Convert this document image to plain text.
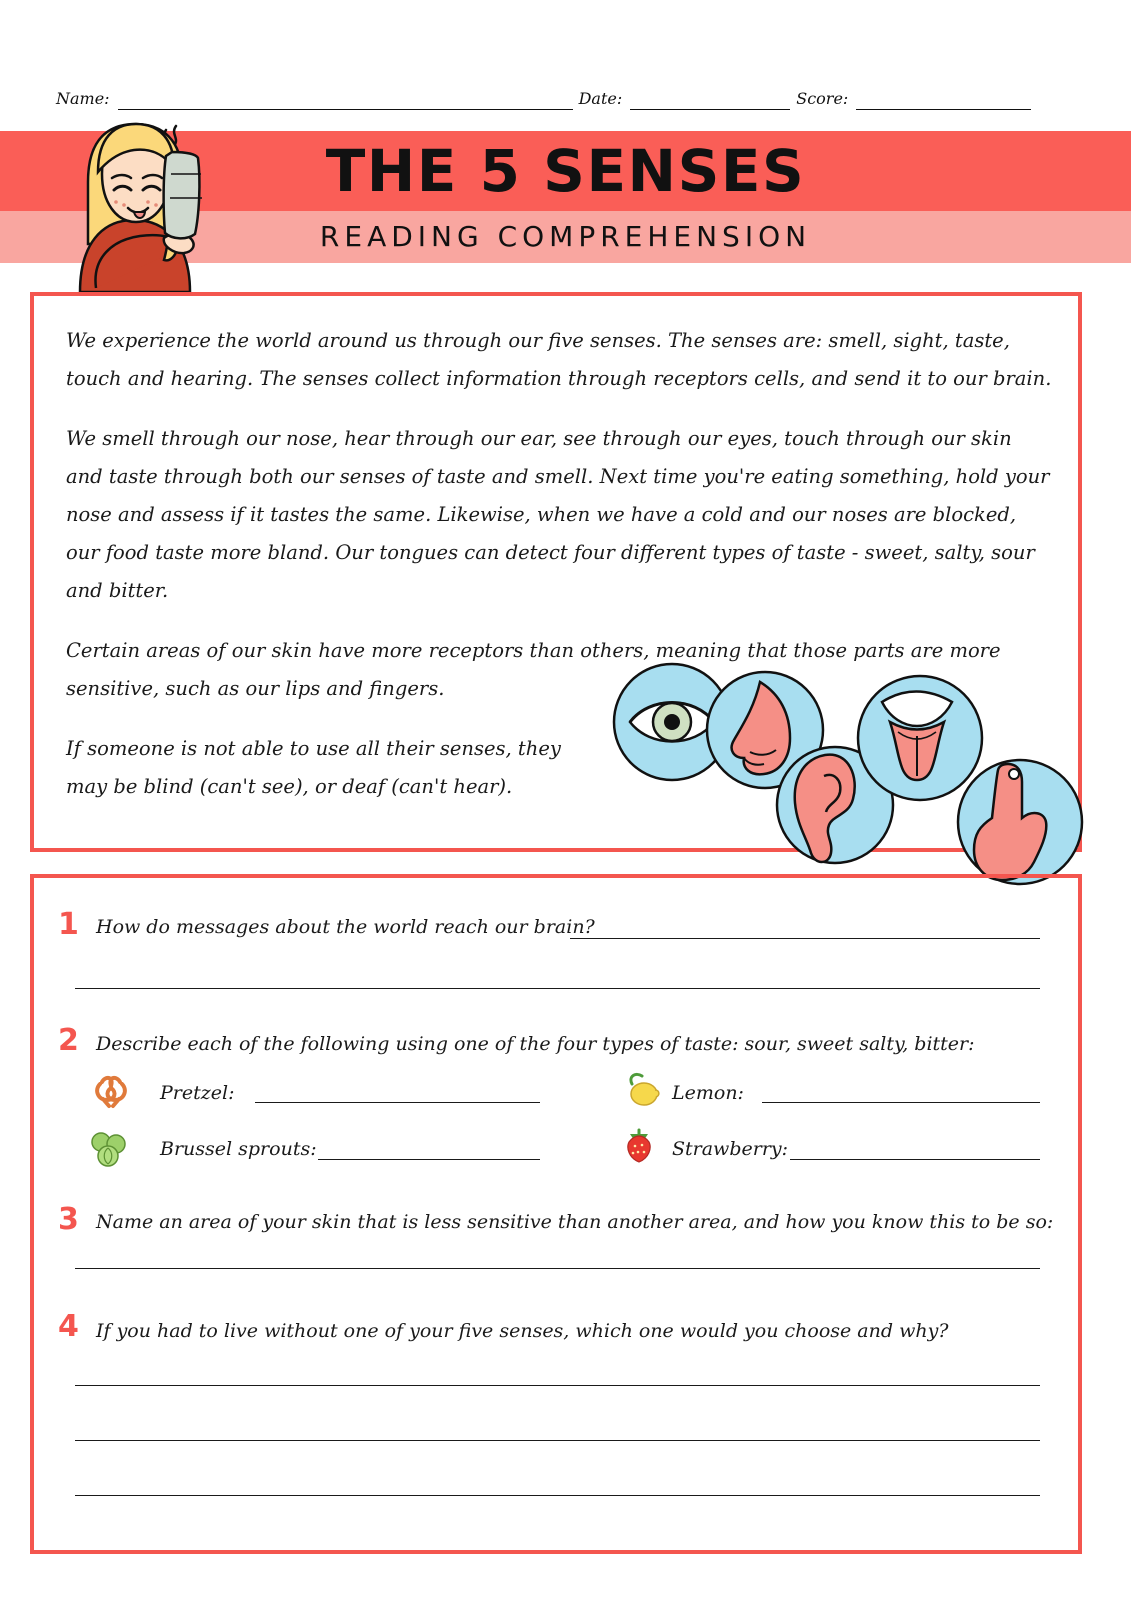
Name:	Date:	Score:
THE 5 SENSES
READING COMPREHENSION

We experience the world around us through our five senses. The senses are: smell, sight, taste, touch and hearing. The senses collect information through receptors cells, and send it to our brain.

We smell through our nose, hear through our ear, see through our eyes, touch through our skin and taste through both our senses of taste and smell. Next time you're eating something, hold your nose and assess if it tastes the same. Likewise, when we have a cold and our noses are blocked, our food taste more bland. Our tongues can detect four different types of taste - sweet, salty, sour and bitter.

Certain areas of our skin have more receptors than others, meaning that those parts are more sensitive, such as our lips and fingers.

If someone is not able to use all their senses, they may be blind (can't see), or deaf (can't hear).

1 How do messages about the world reach our brain?
2 Describe each of the following using one of the four types of taste: sour, sweet salty, bitter:
Pretzel:	Lemon:
Brussel sprouts:	Strawberry:
3 Name an area of your skin that is less sensitive than another area, and how you know this to be so:
4 If you had to live without one of your five senses, which one would you choose and why?
